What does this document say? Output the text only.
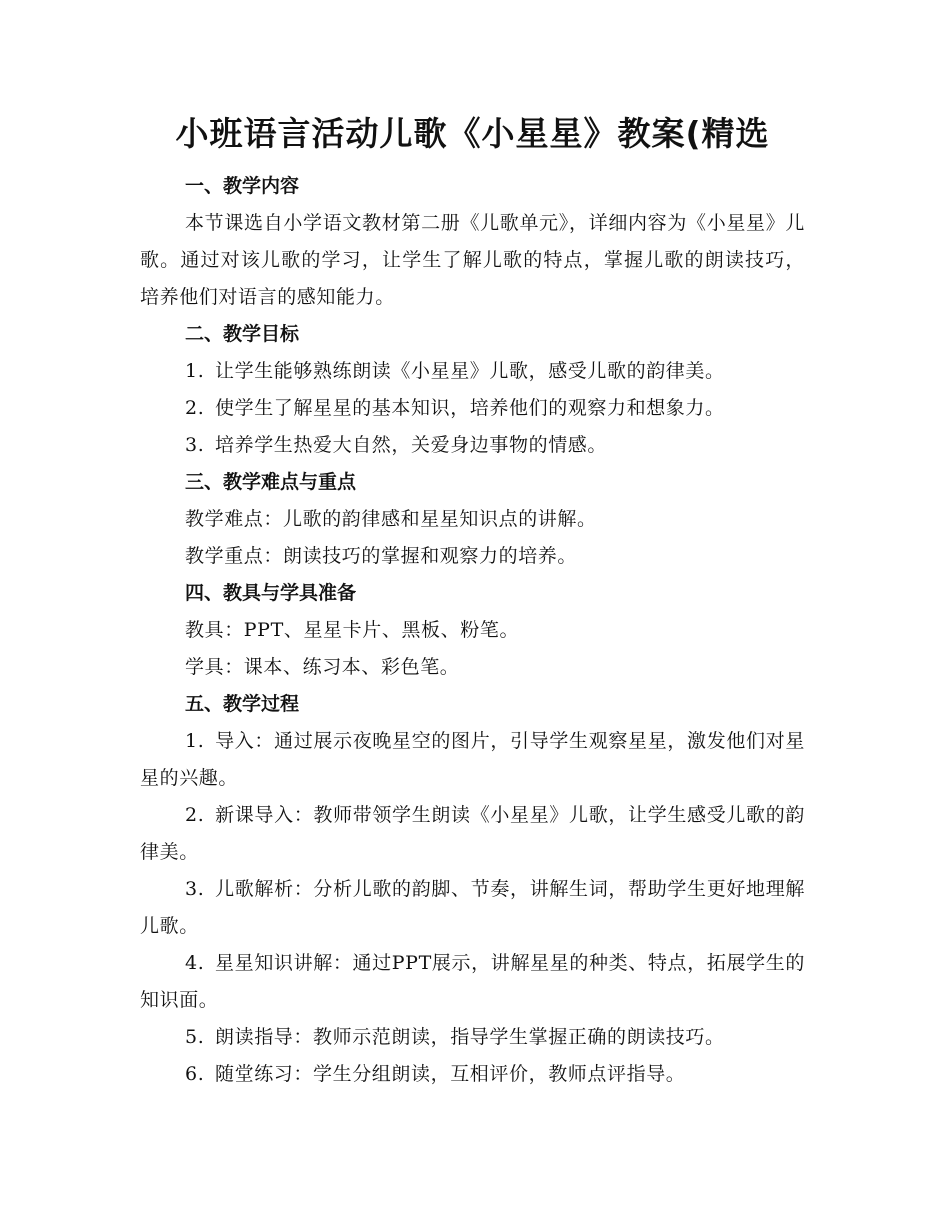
小班语言活动儿歌《小星星》教案(精选

一、教学内容

本节课选自小学语文教材第二册《儿歌单元》，详细内容为《小星星》儿歌。通过对该儿歌的学习，让学生了解儿歌的特点，掌握儿歌的朗读技巧，培养他们对语言的感知能力。

二、教学目标

1. 让学生能够熟练朗读《小星星》儿歌，感受儿歌的韵律美。

2. 使学生了解星星的基本知识，培养他们的观察力和想象力。

3. 培养学生热爱大自然，关爱身边事物的情感。

三、教学难点与重点

教学难点：儿歌的韵律感和星星知识点的讲解。

教学重点：朗读技巧的掌握和观察力的培养。

四、教具与学具准备

教具：PPT、星星卡片、黑板、粉笔。

学具：课本、练习本、彩色笔。

五、教学过程

1. 导入：通过展示夜晚星空的图片，引导学生观察星星，激发他们对星星的兴趣。

2. 新课导入：教师带领学生朗读《小星星》儿歌，让学生感受儿歌的韵律美。

3. 儿歌解析：分析儿歌的韵脚、节奏，讲解生词，帮助学生更好地理解儿歌。

4. 星星知识讲解：通过PPT展示，讲解星星的种类、特点，拓展学生的知识面。

5. 朗读指导：教师示范朗读，指导学生掌握正确的朗读技巧。

6. 随堂练习：学生分组朗读，互相评价，教师点评指导。
